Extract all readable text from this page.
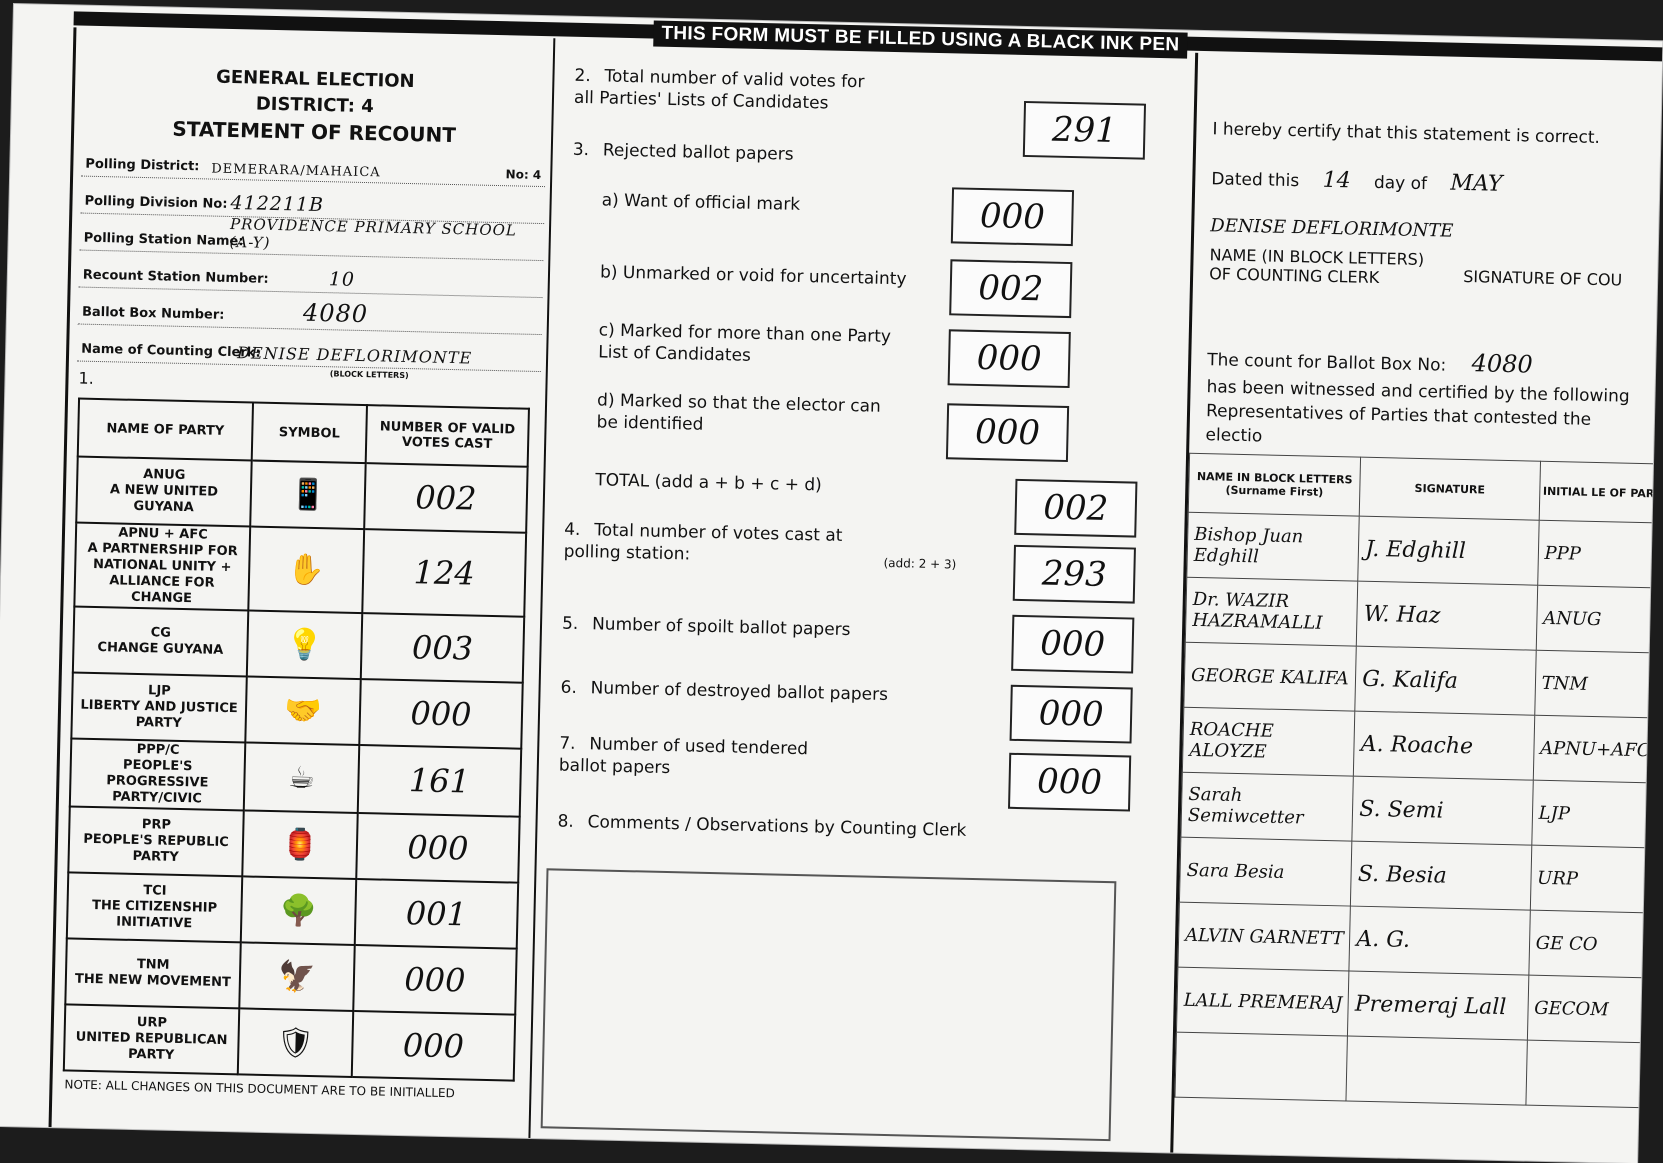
THIS FORM MUST BE FILLED USING A BLACK INK PEN
GENERAL ELECTION
DISTRICT: 4
STATEMENT OF RECOUNT
Polling District: DEMERARA/MAHAICA	No: 4
Polling Division No: 412211B
Polling Station Name:
PROVIDENCE PRIMARY SCHOOL (A-Y)
Recount Station Number:	10
Ballot Box Number:	4080
Name of Counting Clerk:
DENISE DEFLORIMONTE
(BLOCK LETTERS)
1.
NAME OF PARTY	SYMBOL	NUMBER OF VALID VOTES CAST

ANUG
A NEW UNITED GUYANA	📱	002

APNU + AFC
A PARTNERSHIP FOR NATIONAL UNITY + ALLIANCE FOR CHANGE	✋	124

CG
CHANGE GUYANA	💡	003

LJP
LIBERTY AND JUSTICE PARTY	🤝	000

PPP/C
PEOPLE'S PROGRESSIVE PARTY/CIVIC	☕	161

PRP
PEOPLE'S REPUBLIC PARTY	🏮	000

TCI
THE CITIZENSHIP INITIATIVE	🌳	001

TNM
THE NEW MOVEMENT	🦅	000

URP
UNITED REPUBLICAN PARTY	🛡	000
NOTE: ALL CHANGES ON THIS DOCUMENT ARE TO BE INITIALLED
2. Total number of valid votes for all Parties' Lists of Candidates
291
3. Rejected ballot papers
a) Want of official mark	000
b) Unmarked or void for uncertainty	002
c) Marked for more than one Party List of Candidates	000
d) Marked so that the elector can be identified	000
TOTAL (add a + b + c + d)
002
4. Total number of votes cast at polling station:	(add: 2 + 3)	293
5. Number of spoilt ballot papers	000
6. Number of destroyed ballot papers
000
7. Number of used tendered ballot papers	000
8. Comments / Observations by Counting Clerk
I hereby certify that this statement is correct.
Dated this 14 day of MAY
DENISE DEFLORIMONTE
NAME (IN BLOCK LETTERS) OF COUNTING CLERK	SIGNATURE OF COU
The count for Ballot Box No: 4080
has been witnessed and certified by the following Representatives of Parties that contested the electio
NAME IN BLOCK LETTERS (Surname First)	SIGNATURE	INITIAL LE OF PAR
Bishop Juan Edghill	J. Edghill	PPP
Dr. WAZIR HAZRAMALLI	W. Haz	ANUG
GEORGE KALIFA	G. Kalifa	TNM
ROACHE ALOYZE	A. Roache	APNU+AFC
Sarah Semiwcetter	S. Semi	LJP
Sara Besia	S. Besia	URP
ALVIN GARNETT	A. G.	GE CO
LALL PREMERAJ	Premeraj Lall	GECOM
